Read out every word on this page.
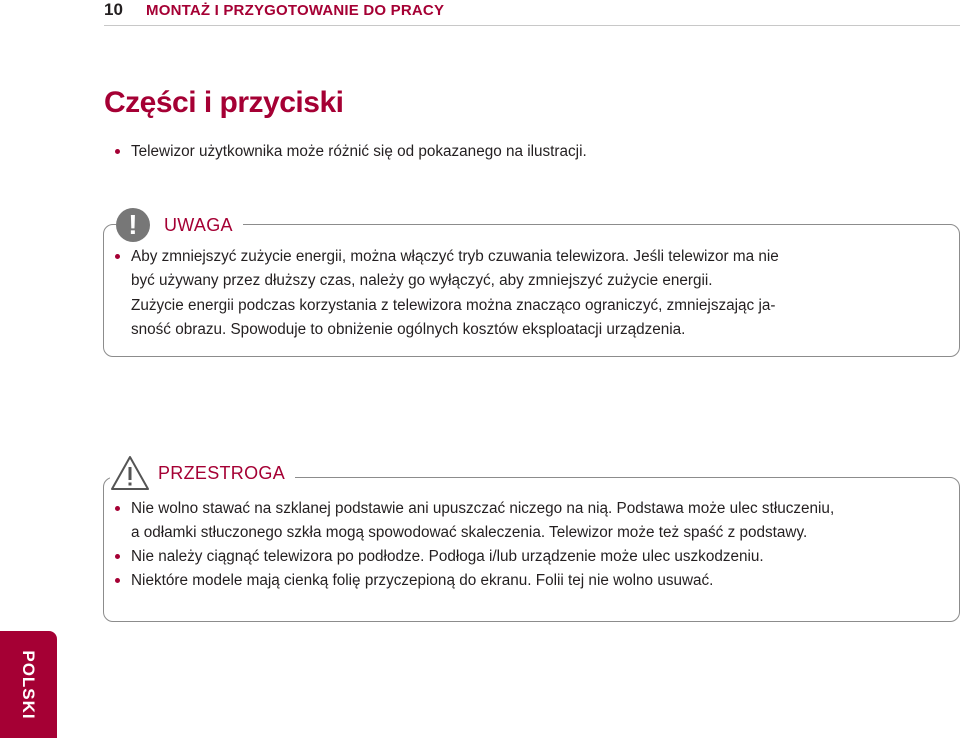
10 MONTAŻ I PRZYGOTOWANIE DO PRACY
Części i przyciski
Telewizor użytkownika może różnić się od pokazanego na ilustracji.
!	UWAGA
Aby zmniejszyć zużycie energii, można włączyć tryb czuwania telewizora. Jeśli telewizor ma nie
być używany przez dłuższy czas, należy go wyłączyć, aby zmniejszyć zużycie energii.
Zużycie energii podczas korzystania z telewizora można znacząco ograniczyć, zmniejszając ja-
sność obrazu. Spowoduje to obniżenie ogólnych kosztów eksploatacji urządzenia.
PRZESTROGA
Nie wolno stawać na szklanej podstawie ani upuszczać niczego na nią. Podstawa może ulec stłuczeniu,
a odłamki stłuczonego szkła mogą spowodować skaleczenia. Telewizor może też spaść z podstawy.
Nie należy ciągnąć telewizora po podłodze. Podłoga i/lub urządzenie może ulec uszkodzeniu.
Niektóre modele mają cienką folię przyczepioną do ekranu. Folii tej nie wolno usuwać.
POLSKI
